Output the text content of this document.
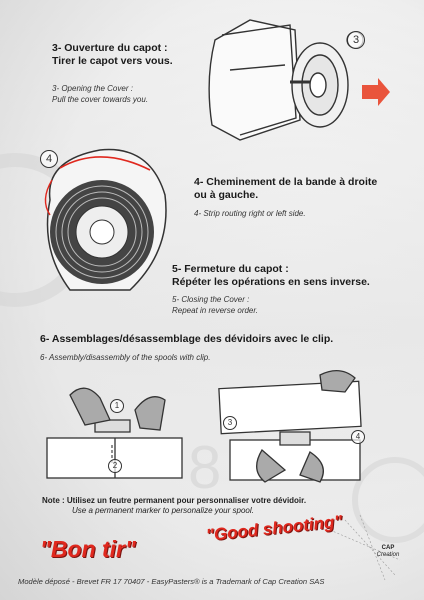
8
3
3- Ouverture du capot :
Tirer le capot vers vous.
3- Opening the Cover :
Pull the cover towards you.
4
4- Cheminement de la bande à droite
ou à gauche.
4- Strip routing right or left side.
5- Fermeture du capot :
Répéter les opérations en sens inverse.
5- Closing the Cover :
Repeat in reverse order.
6- Assemblages/désassemblage des dévidoirs avec le clip.
6- Assembly/disassembly of the spools with clip.
1
2
3
4
Note : Utilisez un feutre permanent pour personnaliser votre dévidoir.
Use a permanent marker to personalize your spool.
"Bon tir"
"Good shooting"
CAP
Creation
Modèle déposé - Brevet FR 17 70407 - EasyPasters® is a Trademark of Cap Creation SAS
